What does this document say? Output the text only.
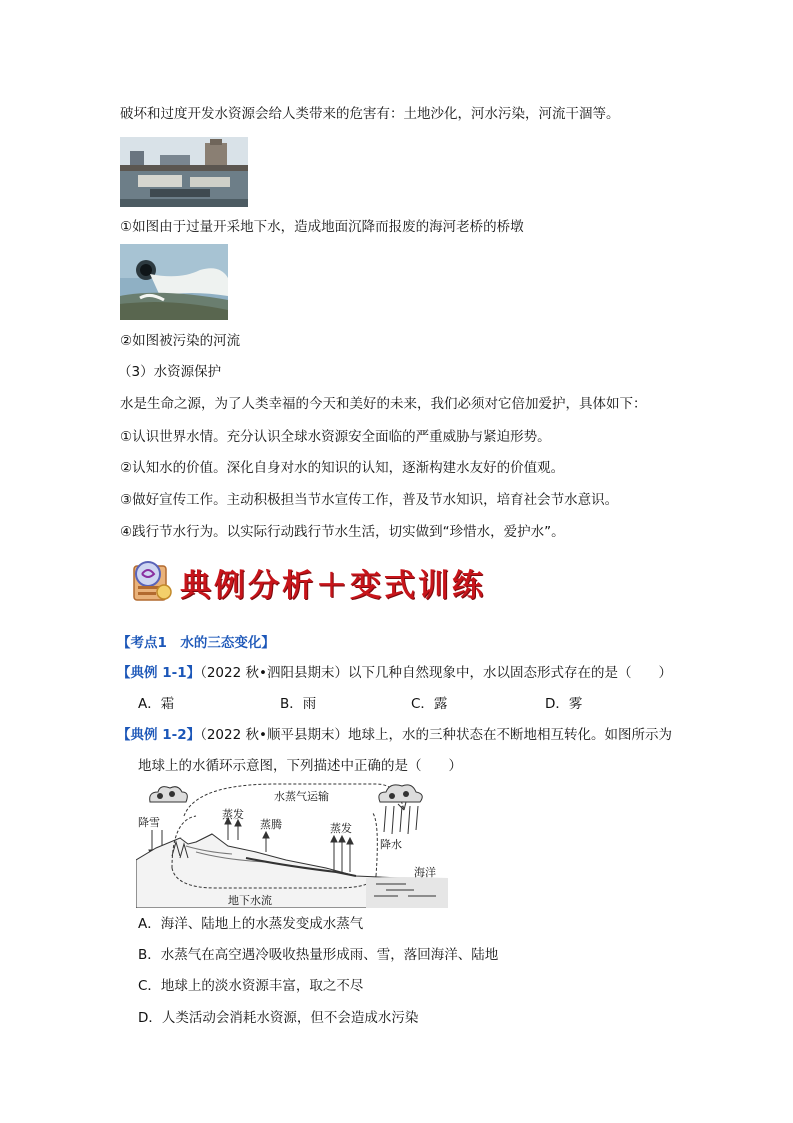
破坏和过度开发水资源会给人类带来的危害有：土地沙化，河水污染，河流干涸等。
①如图由于过量开采地下水，造成地面沉降而报废的海河老桥的桥墩
②如图被污染的河流
（3）水资源保护
水是生命之源，为了人类幸福的今天和美好的未来，我们必须对它倍加爱护，具体如下：
①认识世界水情。充分认识全球水资源安全面临的严重威胁与紧迫形势。
②认知水的价值。深化自身对水的知识的认知，逐渐构建水友好的价值观。
③做好宣传工作。主动积极担当节水宣传工作，普及节水知识，培育社会节水意识。
④践行节水行为。以实际行动践行节水生活，切实做到“珍惜水，爱护水”。
典例分析＋变式训练
【考点1　水的三态变化】
【典例 1-1】（2022 秋•泗阳县期末）以下几种自然现象中，水以固态形式存在的是（　　）
A．霜	B．雨	C．露	D．雾
【典例 1-2】（2022 秋•顺平县期末）地球上，水的三种状态在不断地相互转化。如图所示为
地球上的水循环示意图，下列描述中正确的是（　　）
水蒸气运输
降雪
蒸发
蒸腾	蒸发
降水
地下水流
海洋
A．海洋、陆地上的水蒸发变成水蒸气
B．水蒸气在高空遇冷吸收热量形成雨、雪，落回海洋、陆地
C．地球上的淡水资源丰富，取之不尽
D．人类活动会消耗水资源，但不会造成水污染
